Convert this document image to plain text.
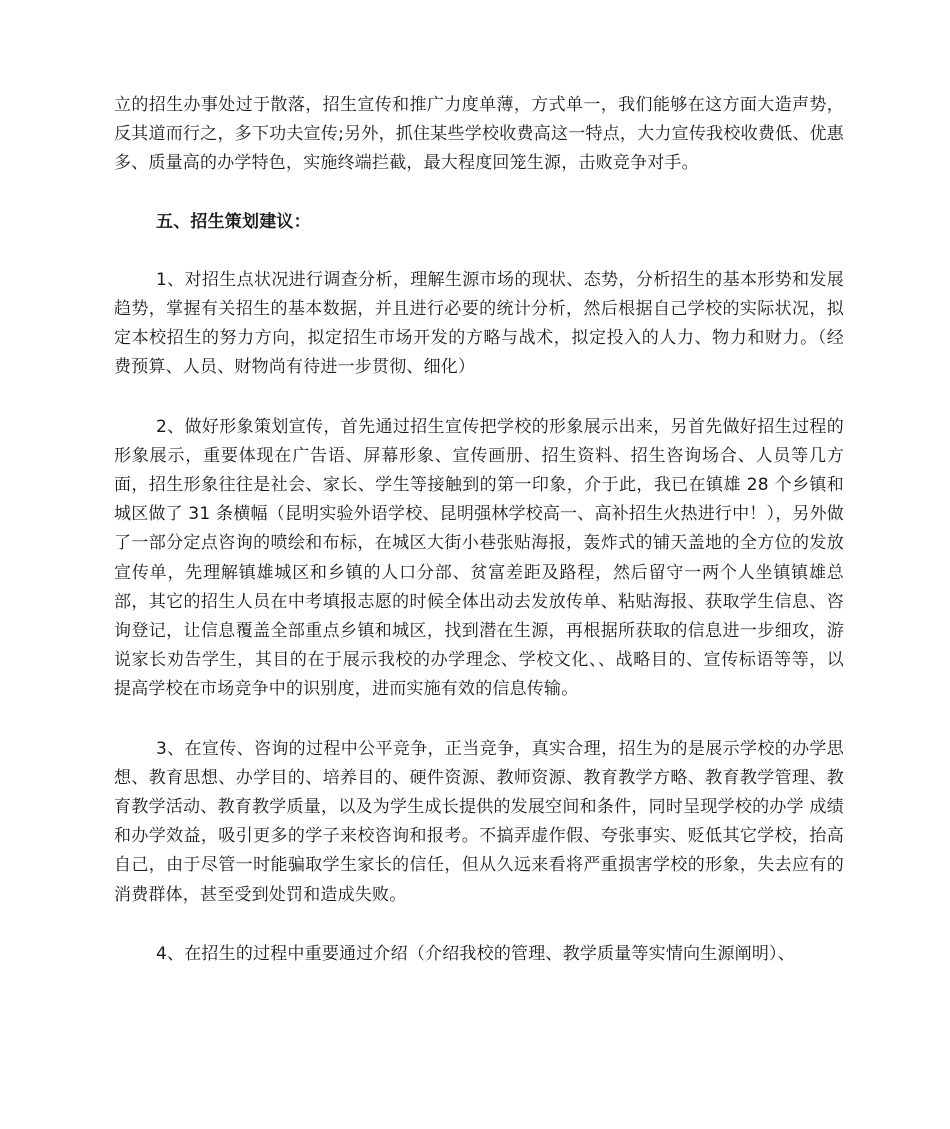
立的招生办事处过于散落，招生宣传和推广力度单薄，方式单一，我们能够在这方面大造声势，反其道而行之，多下功夫宣传;另外，抓住某些学校收费高这一特点，大力宣传我校收费低、优惠多、质量高的办学特色，实施终端拦截，最大程度回笼生源，击败竞争对手。

五、招生策划建议：

1、对招生点状况进行调查分析，理解生源市场的现状、态势，分析招生的基本形势和发展趋势，掌握有关招生的基本数据，并且进行必要的统计分析，然后根据自己学校的实际状况，拟定本校招生的努力方向，拟定招生市场开发的方略与战术，拟定投入的人力、物力和财力。（经费预算、人员、财物尚有待进一步贯彻、细化）

2、做好形象策划宣传，首先通过招生宣传把学校的形象展示出来，另首先做好招生过程的形象展示，重要体现在广告语、屏幕形象、宣传画册、招生资料、招生咨询场合、人员等几方面，招生形象往往是社会、家长、学生等接触到的第一印象，介于此，我已在镇雄 28 个乡镇和城区做了 31 条横幅（昆明实验外语学校、昆明强林学校高一、高补招生火热进行中！），另外做了一部分定点咨询的喷绘和布标，在城区大街小巷张贴海报，轰炸式的铺天盖地的全方位的发放宣传单，先理解镇雄城区和乡镇的人口分部、贫富差距及路程，然后留守一两个人坐镇镇雄总部，其它的招生人员在中考填报志愿的时候全体出动去发放传单、粘贴海报、获取学生信息、咨询登记，让信息覆盖全部重点乡镇和城区，找到潜在生源，再根据所获取的信息进一步细攻，游说家长劝告学生，其目的在于展示我校的办学理念、学校文化、、战略目的、宣传标语等等，以提高学校在市场竞争中的识别度，进而实施有效的信息传输。

3、在宣传、咨询的过程中公平竞争，正当竞争，真实合理，招生为的是展示学校的办学思想、教育思想、办学目的、培养目的、硬件资源、教师资源、教育教学方略、教育教学管理、教育教学活动、教育教学质量，以及为学生成长提供的发展空间和条件，同时呈现学校的办学 成绩和办学效益，吸引更多的学子来校咨询和报考。不搞弄虚作假、夸张事实、贬低其它学校，抬高自己，由于尽管一时能骗取学生家长的信任，但从久远来看将严重损害学校的形象，失去应有的消费群体，甚至受到处罚和造成失败。

4、在招生的过程中重要通过介绍（介绍我校的管理、教学质量等实情向生源阐明）、
